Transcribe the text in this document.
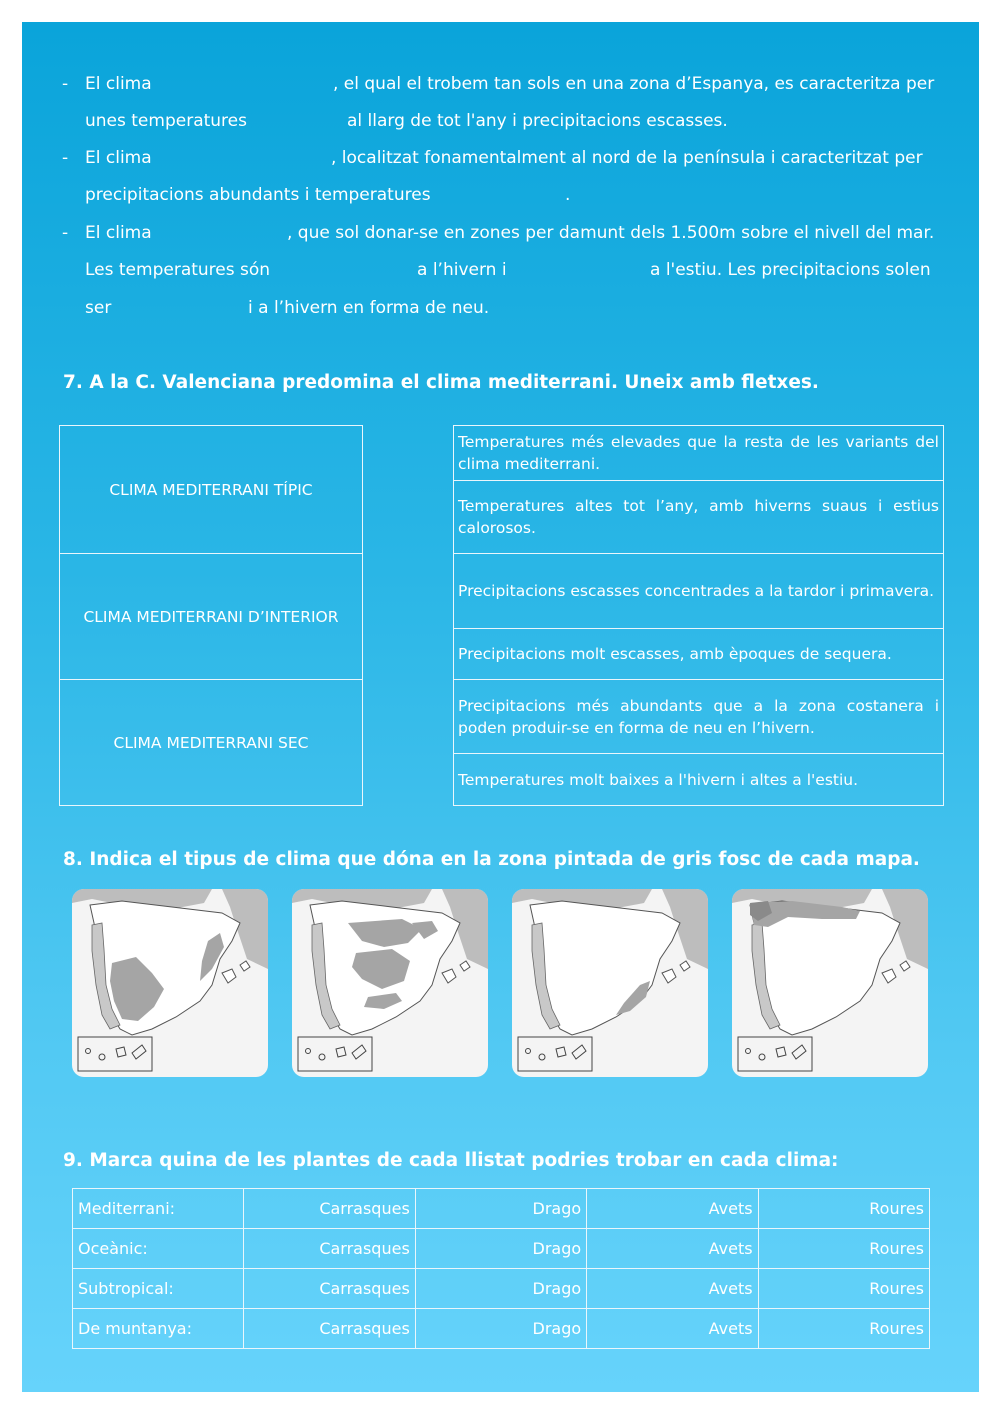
- El clima	, el qual el trobem tan sols en una zona d’Espanya, es caracteritza per
unes temperatures	al llarg de tot l'any i precipitacions escasses.
- El clima	, localitzat fonamentalment al nord de la península i caracteritzat per
precipitacions abundants i temperatures	.
- El clima	, que sol donar-se en zones per damunt dels 1.500m sobre el nivell del mar.
Les temperatures són	a l’hivern i	a l'estiu. Les precipitacions solen
ser	i a l’hivern en forma de neu.
7. A la C. Valenciana predomina el clima mediterrani. Uneix amb fletxes.
CLIMA MEDITERRANI TÍPIC
CLIMA MEDITERRANI D’INTERIOR
CLIMA MEDITERRANI SEC
Temperatures més elevades que la resta de les variants del clima mediterrani.
Temperatures altes tot l’any, amb hiverns suaus i estius calorosos.
Precipitacions escasses concentrades a la tardor i primavera.
Precipitacions molt escasses, amb èpoques de sequera.
Precipitacions més abundants que a la zona costanera i poden produir-se en forma de neu en l’hivern.
Temperatures molt baixes a l'hivern i altes a l'estiu.
8. Indica el tipus de clima que dóna en la zona pintada de gris fosc de cada mapa.
9. Marca quina de les plantes de cada llistat podries trobar en cada clima:
Mediterrani:	Carrasques	Drago	Avets	Roures
Oceànic:	Carrasques	Drago	Avets	Roures
Subtropical:	Carrasques	Drago	Avets	Roures
De muntanya:	Carrasques	Drago	Avets	Roures
